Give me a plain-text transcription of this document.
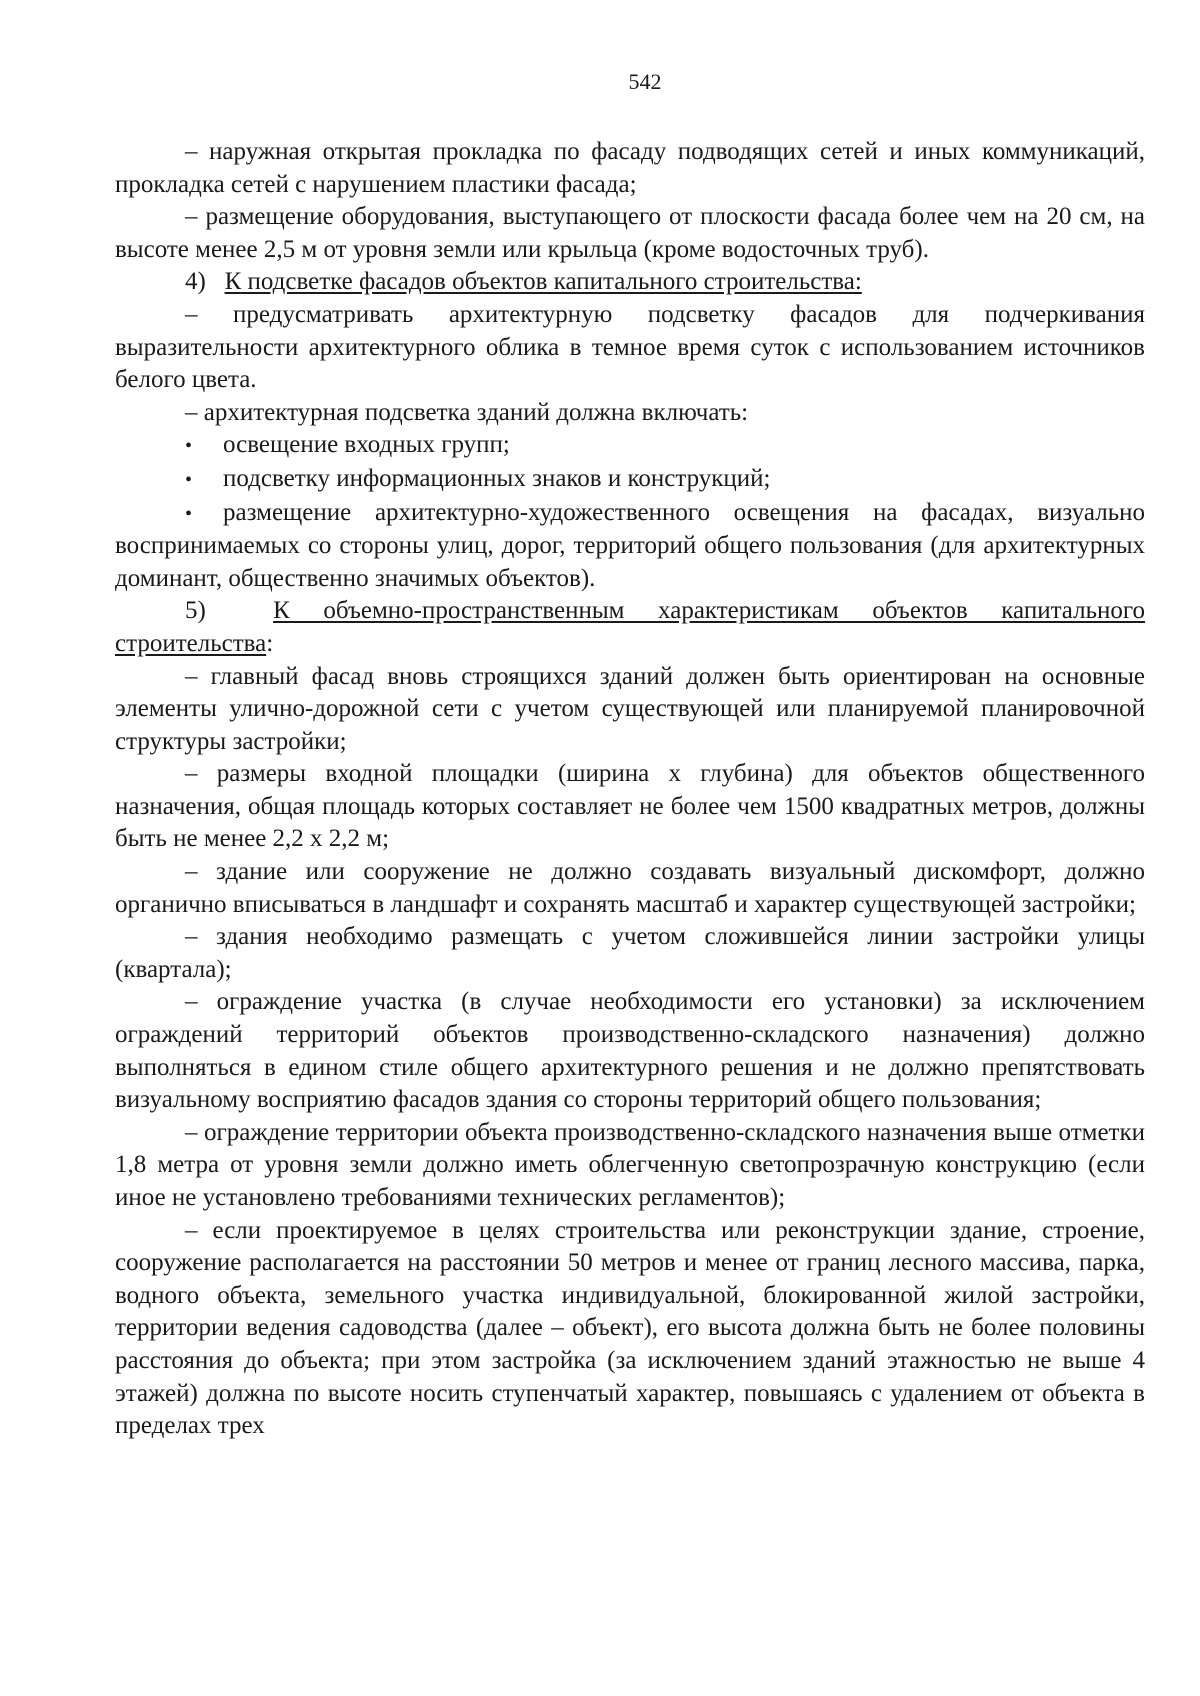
542

– наружная открытая прокладка по фасаду подводящих сетей и иных коммуникаций, прокладка сетей с нарушением пластики фасада;

– размещение оборудования, выступающего от плоскости фасада более чем на 20 см, на высоте менее 2,5 м от уровня земли или крыльца (кроме водосточных труб).

4) К подсветке фасадов объектов капитального строительства:

– предусматривать архитектурную подсветку фасадов для подчеркивания выразительности архитектурного облика в темное время суток с использованием источников белого цвета.

– архитектурная подсветка зданий должна включать:

• освещение входных групп;

• подсветку информационных знаков и конструкций;

• размещение архитектурно-художественного освещения на фасадах, визуально воспринимаемых со стороны улиц, дорог, территорий общего пользования (для архитектурных доминант, общественно значимых объектов).

5)	К объемно-пространственным характеристикам объектов капитального строительства:

– главный фасад вновь строящихся зданий должен быть ориентирован на основные элементы улично-дорожной сети с учетом существующей или планируемой планировочной структуры застройки;

– размеры входной площадки (ширина х глубина) для объектов общественного назначения, общая площадь которых составляет не более чем 1500 квадратных метров, должны быть не менее 2,2 х 2,2 м;

– здание или сооружение не должно создавать визуальный дискомфорт, должно органично вписываться в ландшафт и сохранять масштаб и характер существующей застройки;

– здания необходимо размещать с учетом сложившейся линии застройки улицы (квартала);

– ограждение участка (в случае необходимости его установки) за исключением ограждений территорий объектов производственно-складского назначения) должно выполняться в едином стиле общего архитектурного решения и не должно препятствовать визуальному восприятию фасадов здания со стороны территорий общего пользования;

– ограждение территории объекта производственно-складского назначения выше отметки 1,8 метра от уровня земли должно иметь облегченную светопрозрачную конструкцию (если иное не установлено требованиями технических регламентов);

– если проектируемое в целях строительства или реконструкции здание, строение, сооружение располагается на расстоянии 50 метров и менее от границ лесного массива, парка, водного объекта, земельного участка индивидуальной, блокированной жилой застройки, территории ведения садоводства (далее – объект), его высота должна быть не более половины расстояния до объекта; при этом застройка (за исключением зданий этажностью не выше 4 этажей) должна по высоте носить ступенчатый характер, повышаясь с удалением от объекта в пределах трех
